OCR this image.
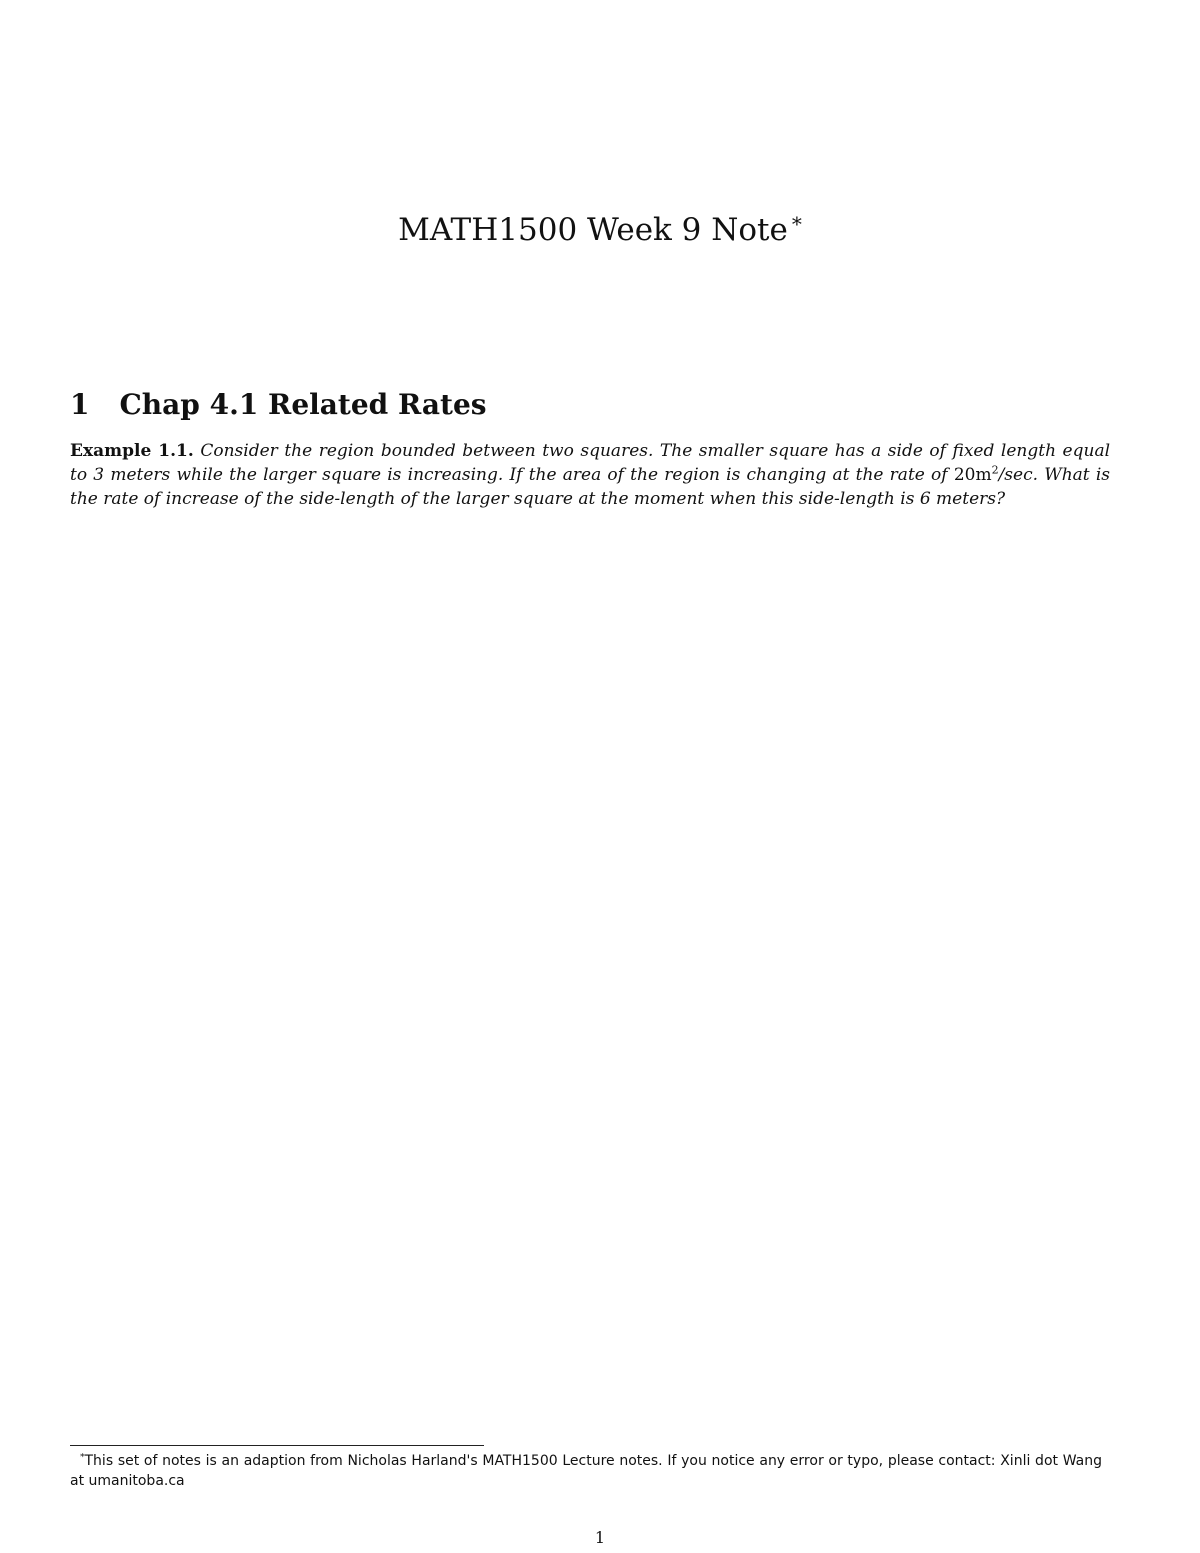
MATH1500 Week 9 Note *
1 Chap 4.1 Related Rates
Example 1.1. Consider the region bounded between two squares. The smaller square has a side of fixed length equal to 3 meters while the larger square is increasing. If the area of the region is changing at the rate of $20m^2/\sec$. What is the rate of increase of the side-length of the larger square at the moment when this side-length is 6 meters?
*This set of notes is an adaption from Nicholas Harland's MATH1500 Lecture notes. If you notice any error or typo, please contact: Xinli dot Wang at umanitoba.ca
1
